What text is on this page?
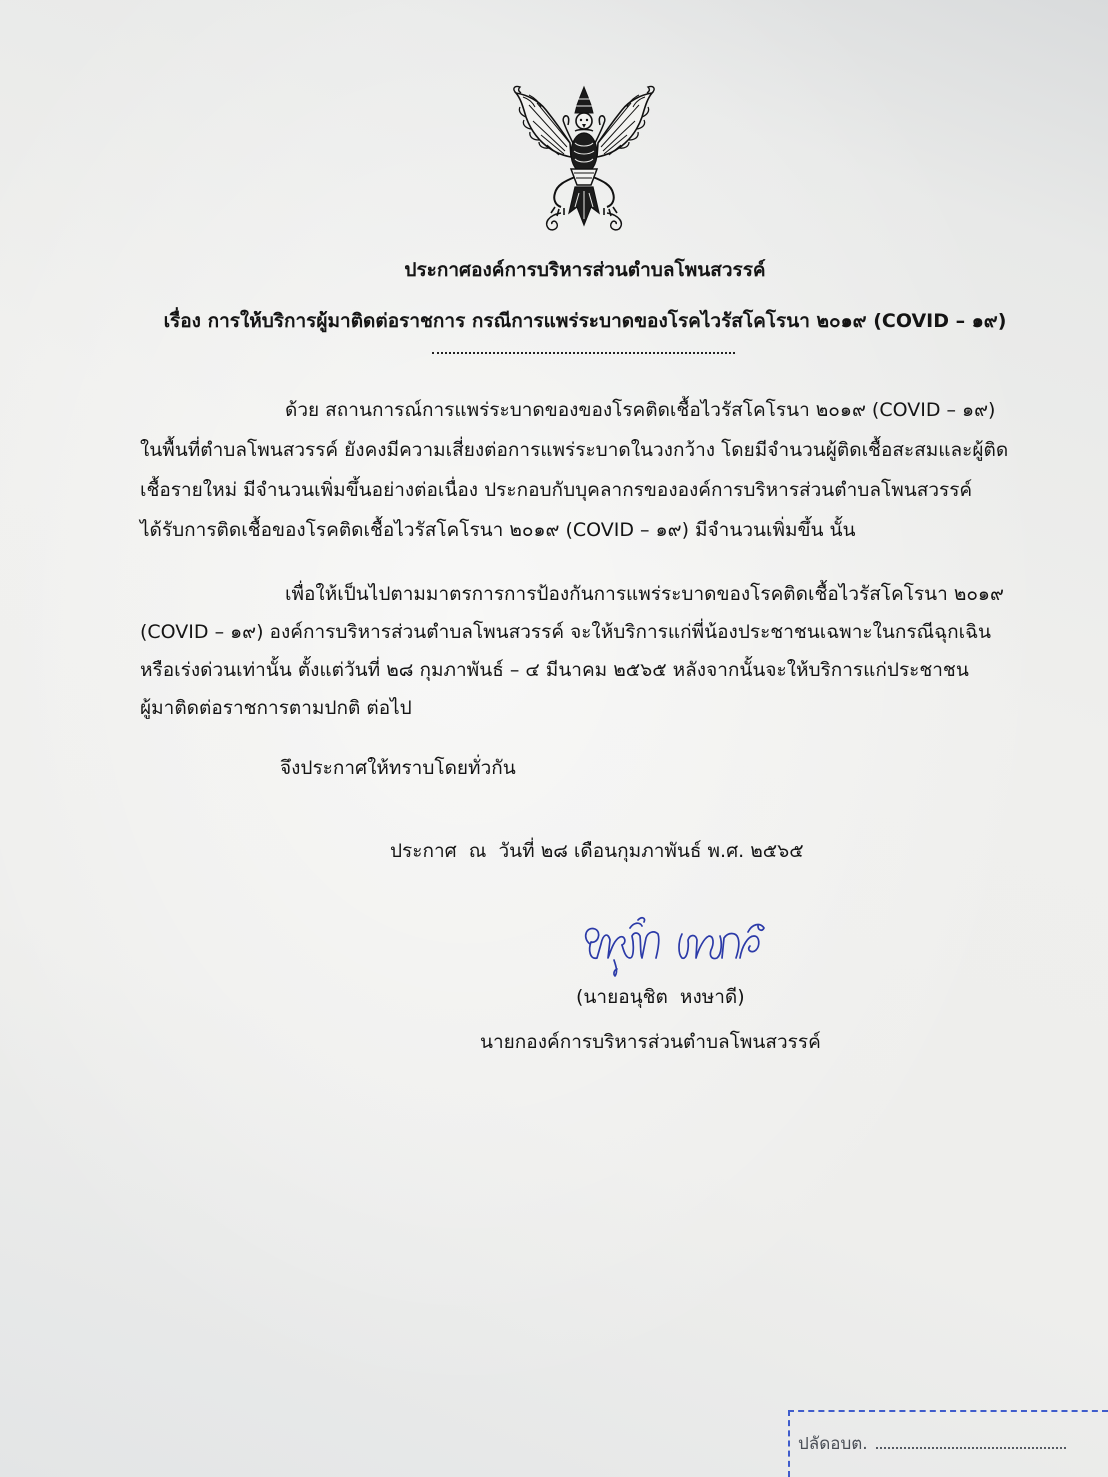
ประกาศองค์การบริหารส่วนตำบลโพนสวรรค์
เรื่อง การให้บริการผู้มาติดต่อราชการ กรณีการแพร่ระบาดของโรคไวรัสโคโรนา ๒๐๑๙ (COVID – ๑๙)
ด้วย สถานการณ์การแพร่ระบาดของของโรคติดเชื้อไวรัสโคโรนา ๒๐๑๙ (COVID – ๑๙)
ในพื้นที่ตำบลโพนสวรรค์ ยังคงมีความเสี่ยงต่อการแพร่ระบาดในวงกว้าง โดยมีจำนวนผู้ติดเชื้อสะสมและผู้ติด
เชื้อรายใหม่ มีจำนวนเพิ่มขึ้นอย่างต่อเนื่อง ประกอบกับบุคลากรขององค์การบริหารส่วนตำบลโพนสวรรค์
ได้รับการติดเชื้อของโรคติดเชื้อไวรัสโคโรนา ๒๐๑๙ (COVID – ๑๙) มีจำนวนเพิ่มขึ้น นั้น
เพื่อให้เป็นไปตามมาตรการการป้องกันการแพร่ระบาดของโรคติดเชื้อไวรัสโคโรนา ๒๐๑๙
(COVID – ๑๙) องค์การบริหารส่วนตำบลโพนสวรรค์ จะให้บริการแก่พี่น้องประชาชนเฉพาะในกรณีฉุกเฉิน
หรือเร่งด่วนเท่านั้น ตั้งแต่วันที่ ๒๘ กุมภาพันธ์ – ๔ มีนาคม ๒๕๖๕ หลังจากนั้นจะให้บริการแก่ประชาชน
ผู้มาติดต่อราชการตามปกติ ต่อไป
จึงประกาศให้ทราบโดยทั่วกัน
ประกาศ  ณ  วันที่ ๒๘ เดือนกุมภาพันธ์ พ.ศ. ๒๕๖๕
(นายอนุชิต  หงษาดี)
นายกองค์การบริหารส่วนตำบลโพนสวรรค์
ปลัดอบต.
